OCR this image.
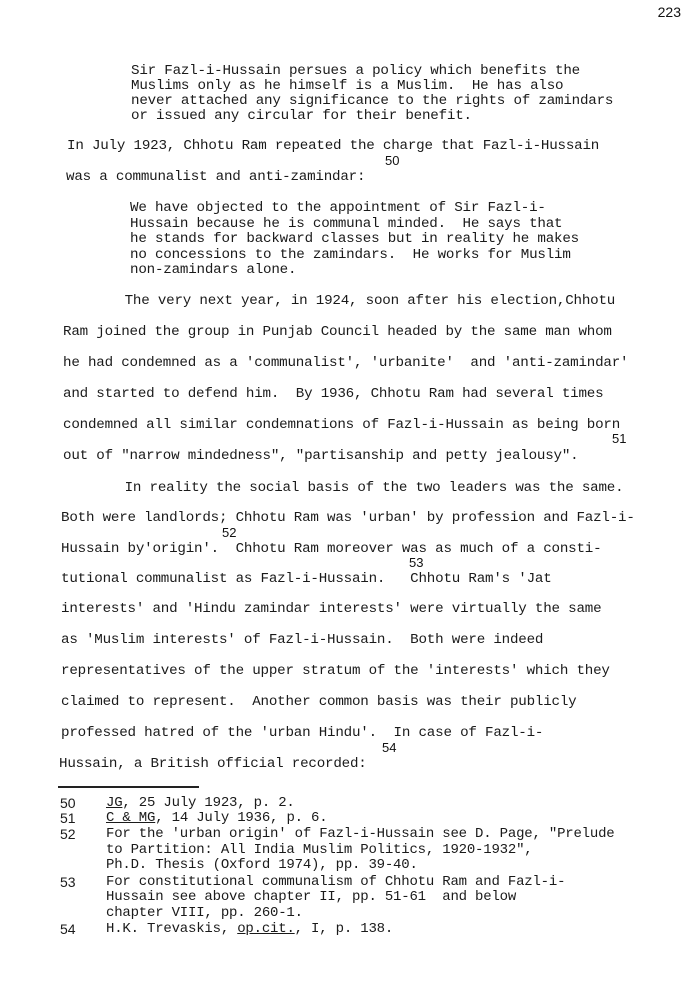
223
Sir Fazl-i-Hussain persues a policy which benefits the
Muslims only as he himself is a Muslim.  He has also
never attached any significance to the rights of zamindars
or issued any circular for their benefit.
In July 1923, Chhotu Ram repeated the charge that Fazl-i-Hussain
50
was a communalist and anti-zamindar:
We have objected to the appointment of Sir Fazl-i-
Hussain because he is communal minded.  He says that
he stands for backward classes but in reality he makes
no concessions to the zamindars.  He works for Muslim
non-zamindars alone.
The very next year, in 1924, soon after his election,Chhotu
Ram joined the group in Punjab Council headed by the same man whom
he had condemned as a 'communalist', 'urbanite'  and 'anti-zamindar'
and started to defend him.  By 1936, Chhotu Ram had several times
condemned all similar condemnations of Fazl-i-Hussain as being born
51
out of "narrow mindedness", "partisanship and petty jealousy".
In reality the social basis of the two leaders was the same.
Both were landlords; Chhotu Ram was 'urban' by profession and Fazl-i-
52
Hussain by'origin'.  Chhotu Ram moreover was as much of a consti-
53
tutional communalist as Fazl-i-Hussain.   Chhotu Ram's 'Jat
interests' and 'Hindu zamindar interests' were virtually the same
as 'Muslim interests' of Fazl-i-Hussain.  Both were indeed
representatives of the upper stratum of the 'interests' which they
claimed to represent.  Another common basis was their publicly
professed hatred of the 'urban Hindu'.  In case of Fazl-i-
54
Hussain, a British official recorded:
50 JG, 25 July 1923, p. 2.
51 C & MG, 14 July 1936, p. 6.
52 For the 'urban origin' of Fazl-i-Hussain see D. Page, "Prelude
to Partition: All India Muslim Politics, 1920-1932",
Ph.D. Thesis (Oxford 1974), pp. 39-40.
53 For constitutional communalism of Chhotu Ram and Fazl-i-
Hussain see above chapter II, pp. 51-61  and below
chapter VIII, pp. 260-1.
54 H.K. Trevaskis, op.cit., I, p. 138.
